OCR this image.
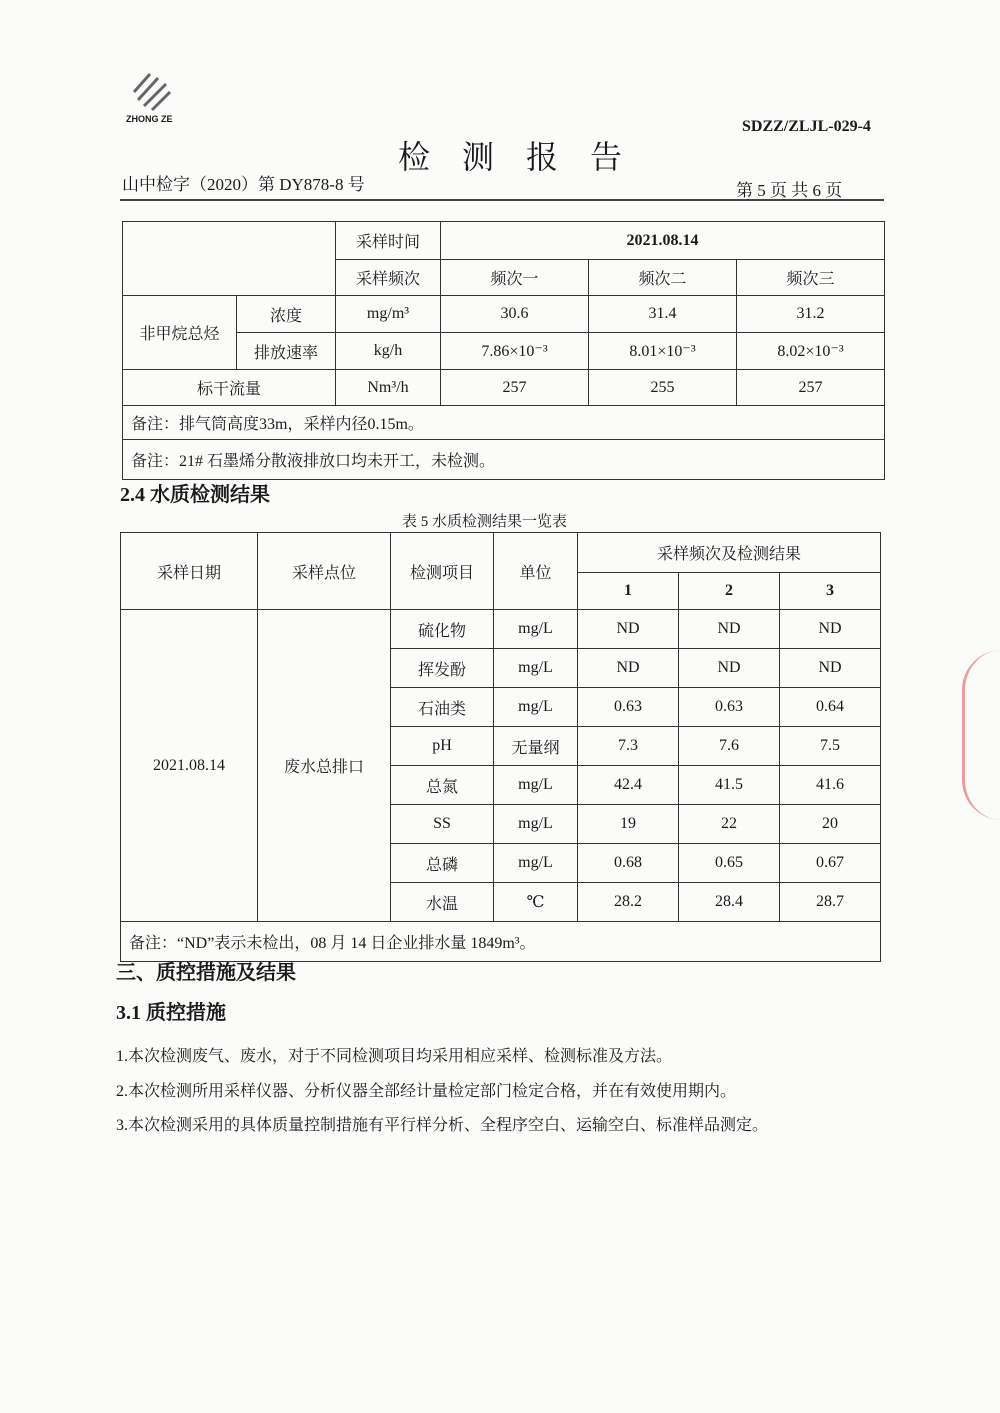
ZHONG ZE	SDZZ/ZLJL-029-4
检 测 报 告
山中检字（2020）第 DY878-8 号	第 5 页 共 6 页
		采样时间	2021.08.14		
		采样频次	频次一	频次二	频次三
非甲烷总烃	浓度	mg/m³	30.6	31.4	31.2
	排放速率	kg/h	7.86×10⁻³	8.01×10⁻³	8.02×10⁻³
标干流量		Nm³/h	257	255	257
备注：排气筒高度33m，采样内径0.15m。					
备注：21# 石墨烯分散液排放口均未开工，未检测。					
2.4 水质检测结果
表 5 水质检测结果一览表
采样日期	采样点位	检测项目	单位	采样频次及检测结果		
				1	2	3
2021.08.14	废水总排口	硫化物	mg/L	ND	ND	ND
		挥发酚	mg/L	ND	ND	ND
		石油类	mg/L	0.63	0.63	0.64
		pH	无量纲	7.3	7.6	7.5
		总氮	mg/L	42.4	41.5	41.6
		SS	mg/L	19	22	20
		总磷	mg/L	0.68	0.65	0.67
		水温	℃	28.2	28.4	28.7
备注：“ND”表示未检出，08 月 14 日企业排水量 1849m³。						
三、质控措施及结果
3.1 质控措施
1.本次检测废气、废水，对于不同检测项目均采用相应采样、检测标准及方法。
2.本次检测所用采样仪器、分析仪器全部经计量检定部门检定合格，并在有效使用期内。
3.本次检测采用的具体质量控制措施有平行样分析、全程序空白、运输空白、标准样品测定。
